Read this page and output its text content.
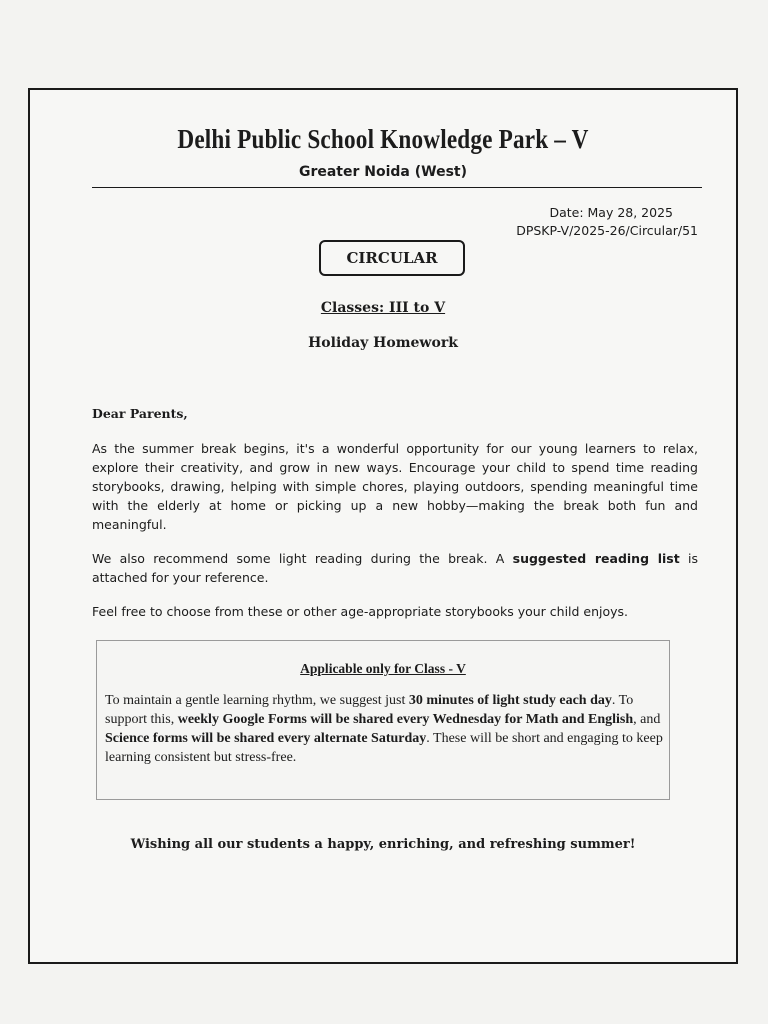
Delhi Public School Knowledge Park – V
Greater Noida (West)
Date: May 28, 2025
DPSKP-V/2025-26/Circular/51
CIRCULAR
Classes: III to V
Holiday Homework
Dear Parents,

As the summer break begins, it's a wonderful opportunity for our young learners to relax, explore their creativity, and grow in new ways. Encourage your child to spend time reading storybooks, drawing, helping with simple chores, playing outdoors, spending meaningful time with the elderly at home or picking up a new hobby—making the break both fun and meaningful.

We also recommend some light reading during the break. A suggested reading list is attached for your reference.

Feel free to choose from these or other age-appropriate storybooks your child enjoys.

Applicable only for Class - V

To maintain a gentle learning rhythm, we suggest just 30 minutes of light study each day. To support this, weekly Google Forms will be shared every Wednesday for Math and English, and Science forms will be shared every alternate Saturday. These will be short and engaging to keep learning consistent but stress-free.

Wishing all our students a happy, enriching, and refreshing summer!
